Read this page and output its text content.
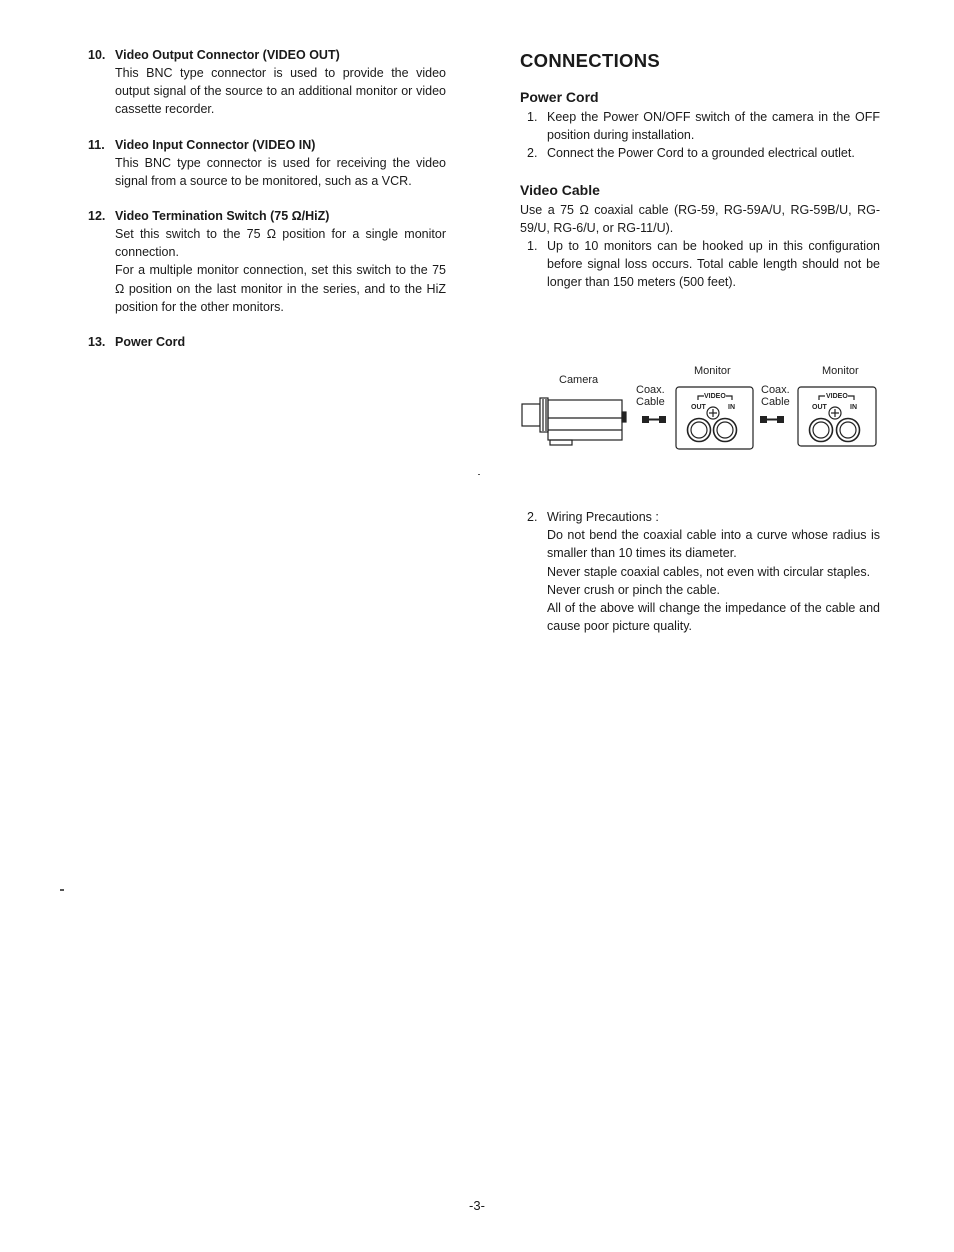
10. Video Output Connector (VIDEO OUT)

This BNC type connector is used to provide the video output signal of the source to an additional monitor or video cassette recorder.

11. Video Input Connector (VIDEO IN)

This BNC type connector is used for receiving the video signal from a source to be monitored, such as a VCR.

12. Video Termination Switch (75 Ω/HiZ)

Set this switch to the 75 Ω position for a single monitor connection.

For a multiple monitor connection, set this switch to the 75 Ω position on the last monitor in the series, and to the HiZ position for the other monitors.

13. Power Cord
CONNECTIONS
Power Cord
1. Keep the Power ON/OFF switch of the camera in the OFF position during installation.
2. Connect the Power Cord to a grounded electrical outlet.
Video Cable

Use a 75 Ω coaxial cable (RG-59, RG-59A/U, RG-59B/U, RG-59/U, RG-6/U, or RG-11/U).

1. Up to 10 monitors can be hooked up in this configuration before signal loss occurs. Total cable length should not be longer than 150 meters (500 feet).
Monitor	Monitor
Camera
Coax.
Cable
Coax.
Cable
VIDEO	VIDEO
OUT	IN	OUT	IN
2. Wiring Precautions :
Do not bend the coaxial cable into a curve whose radius is smaller than 10 times its diameter.
Never staple coaxial cables, not even with circular staples.
Never crush or pinch the cable.
All of the above will change the impedance of the cable and cause poor picture quality.
-3-
